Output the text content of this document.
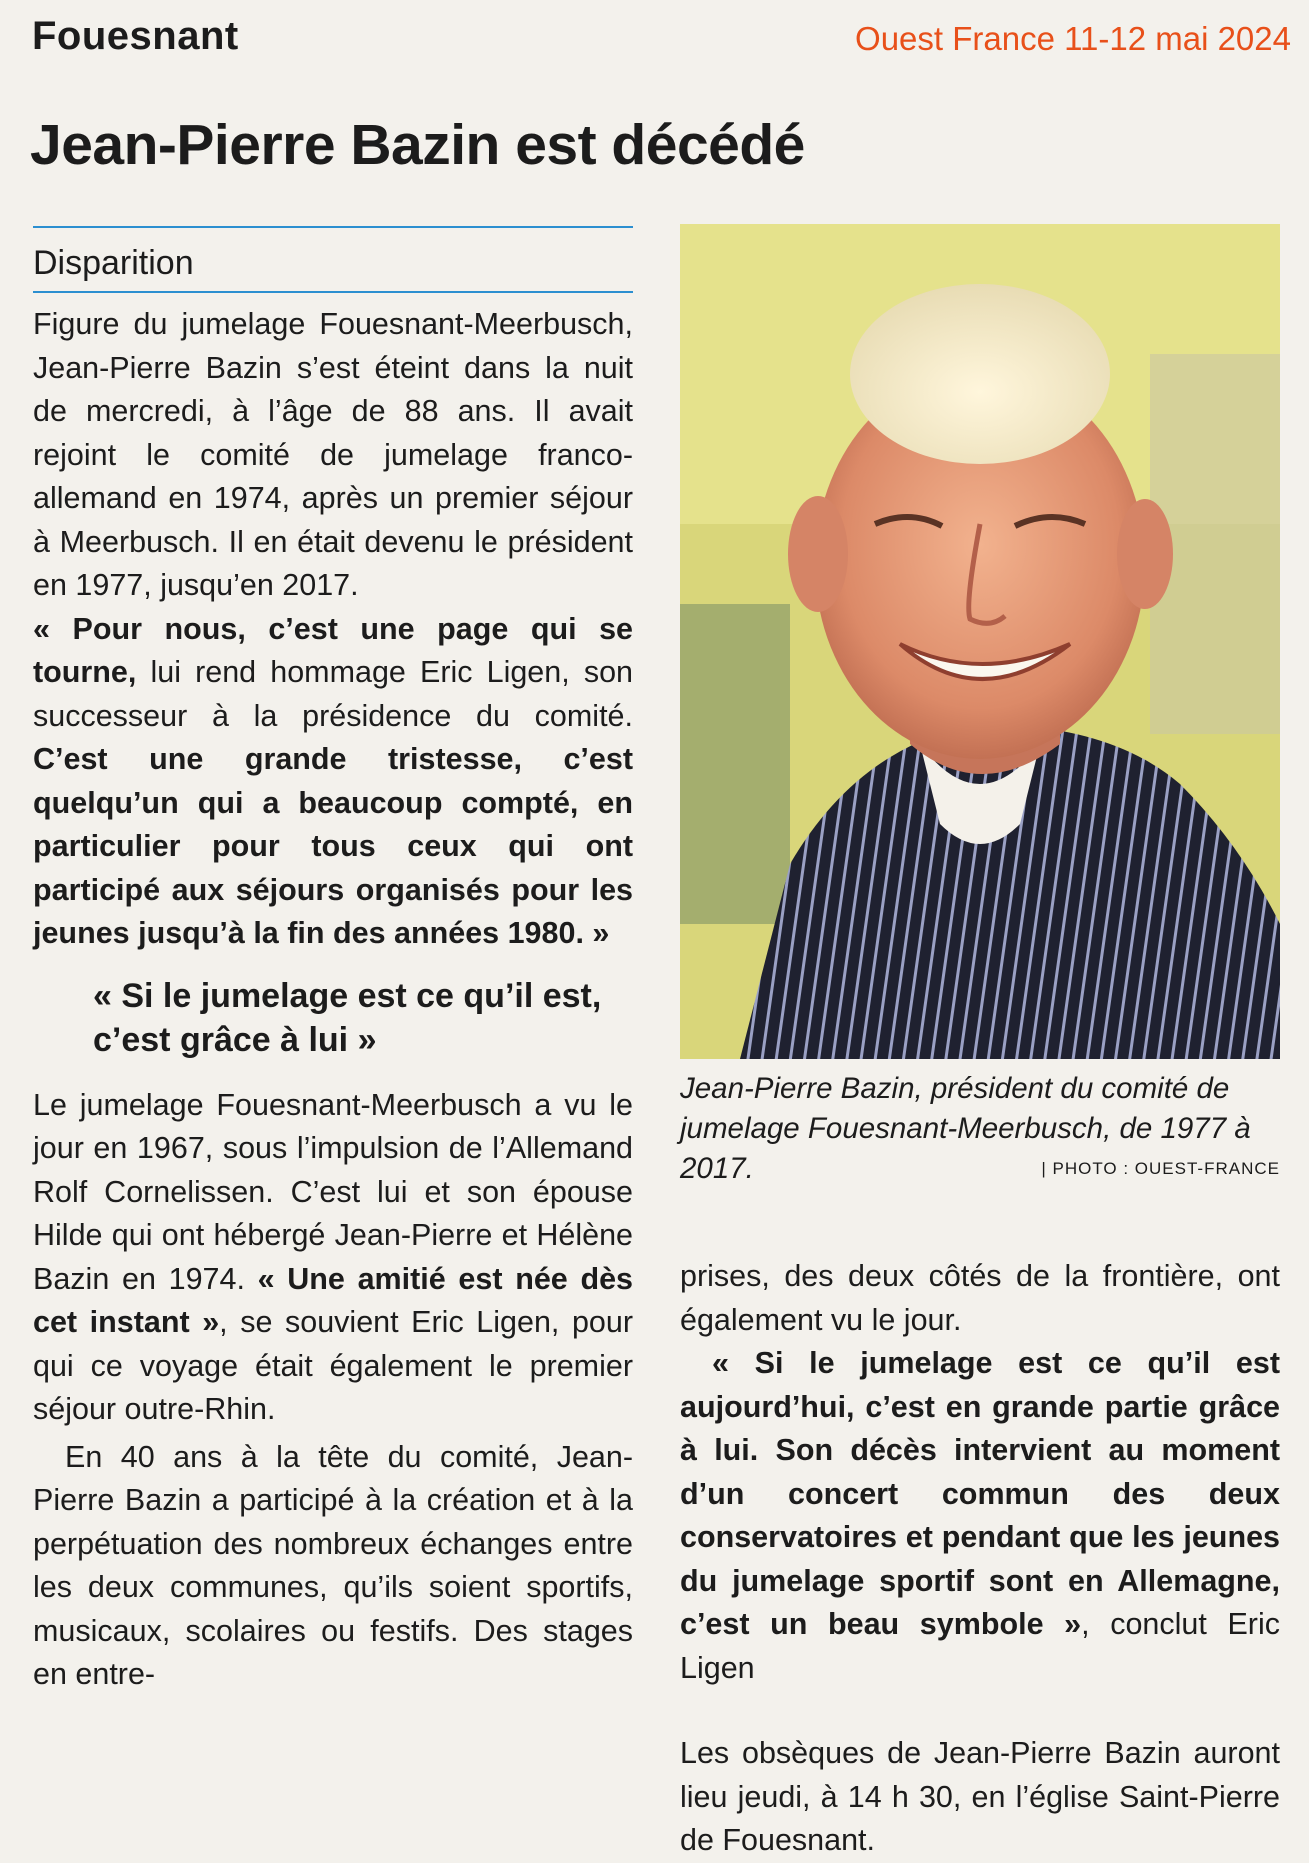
Fouesnant	Ouest France 11-12 mai 2024
Jean-Pierre Bazin est décédé
Disparition

Figure du jumelage Fouesnant-Meerbusch, Jean-Pierre Bazin s’est éteint dans la nuit de mercredi, à l’âge de 88 ans. Il avait rejoint le comité de jumelage franco-allemand en 1974, après un premier séjour à Meerbusch. Il en était devenu le président en 1977, jusqu’en 2017.

« Pour nous, c’est une page qui se tourne, lui rend hommage Eric Ligen, son successeur à la présidence du comité. C’est une grande tristesse, c’est quelqu’un qui a beaucoup compté, en particulier pour tous ceux qui ont participé aux séjours organisés pour les jeunes jusqu’à la fin des années 1980. »

« Si le jumelage est ce qu’il est, c’est grâce à lui »

Le jumelage Fouesnant-Meerbusch a vu le jour en 1967, sous l’impulsion de l’Allemand Rolf Cornelissen. C’est lui et son épouse Hilde qui ont hébergé Jean-Pierre et Hélène Bazin en 1974. « Une amitié est née dès cet instant », se souvient Eric Ligen, pour qui ce voyage était également le premier séjour outre-Rhin.

En 40 ans à la tête du comité, Jean-Pierre Bazin a participé à la création et à la perpétuation des nombreux échanges entre les deux communes, qu’ils soient sportifs, musicaux, scolaires ou festifs. Des stages en entre-

Jean-Pierre Bazin, président du comité de jumelage Fouesnant-Meerbusch, de 1977 à 2017.	| PHOTO : OUEST-FRANCE

prises, des deux côtés de la frontière, ont également vu le jour.

« Si le jumelage est ce qu’il est aujourd’hui, c’est en grande partie grâce à lui. Son décès intervient au moment d’un concert commun des deux conservatoires et pendant que les jeunes du jumelage sportif sont en Allemagne, c’est un beau symbole », conclut Eric Ligen

Les obsèques de Jean-Pierre Bazin auront lieu jeudi, à 14 h 30, en l’église Saint-Pierre de Fouesnant.
